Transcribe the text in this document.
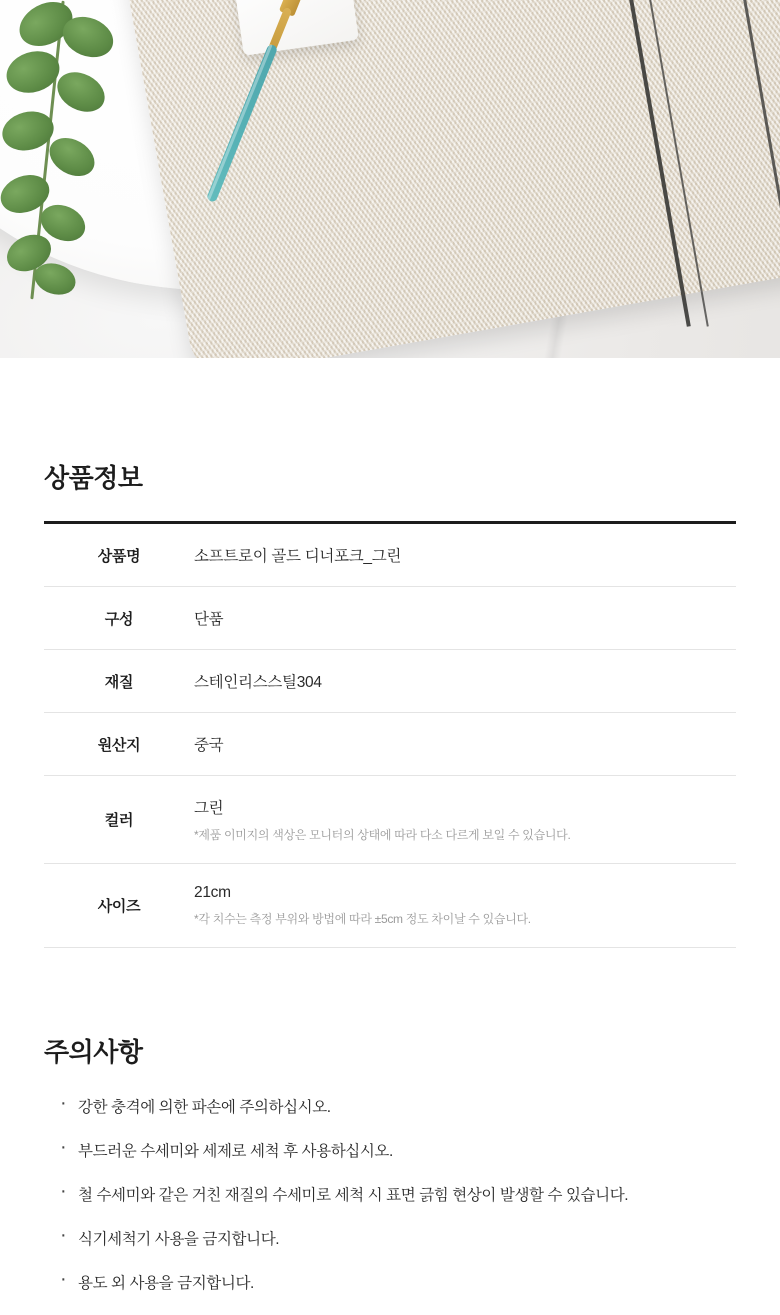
상품정보
상품명	소프트로이 골드 디너포크_그린
구성	단품
재질	스테인리스스틸304
원산지	중국
컬러	그린
*제품 이미지의 색상은 모니터의 상태에 따라 다소 다르게 보일 수 있습니다.

사이즈	21cm
*각 치수는 측정 부위와 방법에 따라 ±5cm 정도 차이날 수 있습니다.
주의사항
· 강한 충격에 의한 파손에 주의하십시오.
· 부드러운 수세미와 세제로 세척 후 사용하십시오.
· 철 수세미와 같은 거친 재질의 수세미로 세척 시 표면 긁힘 현상이 발생할 수 있습니다.
· 식기세척기 사용을 금지합니다.
· 용도 외 사용을 금지합니다.
